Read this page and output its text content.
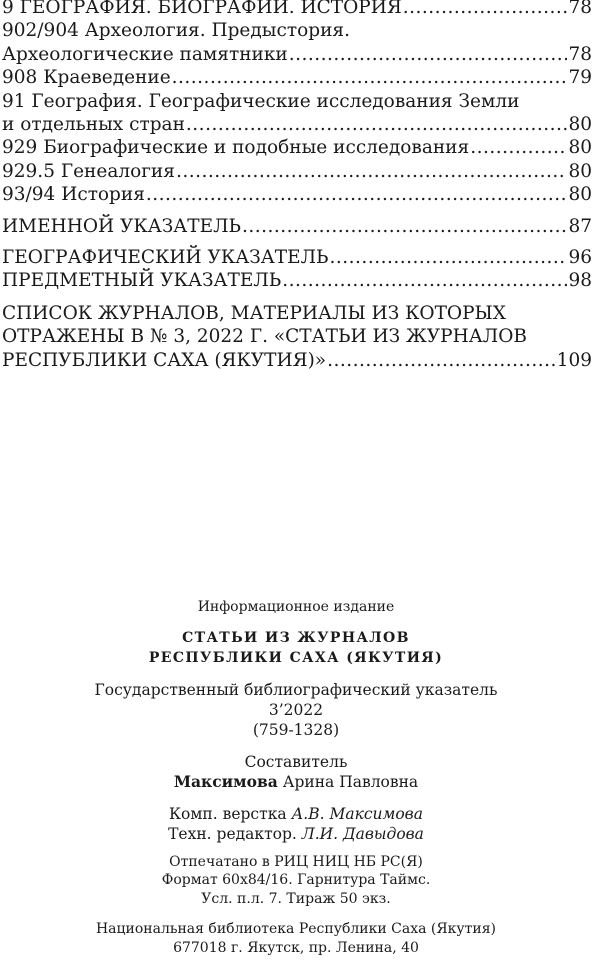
9 ГЕОГРАФИЯ. БИОГРАФИИ. ИСТОРИЯ .....	78
902/904 Археология. Предыстория.
Археологические памятники .....	78
908 Краеведение .....	79
91 География. Географические исследования Земли
и отдельных стран .....	80
929 Биографические и подобные исследования .....	80
929.5 Генеалогия .....	80
93/94 История .....	80
ИМЕННОЙ УКАЗАТЕЛЬ .....	87
ГЕОГРАФИЧЕСКИЙ УКАЗАТЕЛЬ .....	96
ПРЕДМЕТНЫЙ УКАЗАТЕЛЬ .....	98
СПИСОК ЖУРНАЛОВ, МАТЕРИАЛЫ ИЗ КОТОРЫХ
ОТРАЖЕНЫ В № 3, 2022 Г. «СТАТЬИ ИЗ ЖУРНАЛОВ
РЕСПУБЛИКИ САХА (ЯКУТИЯ)» .....	109
Информационное издание
СТАТЬИ ИЗ ЖУРНАЛОВ
РЕСПУБЛИКИ САХА (ЯКУТИЯ)
Государственный библиографический указатель
3’2022
(759-1328)
Составитель
Максимова Арина Павловна
Комп. верстка А.В. Максимова
Техн. редактор. Л.И. Давыдова
Отпечатано в РИЦ НИЦ НБ РС(Я)
Формат 60х84/16. Гарнитура Таймс.
Усл. п.л. 7. Тираж 50 экз.
Национальная библиотека Республики Саха (Якутия)
677018 г. Якутск, пр. Ленина, 40
